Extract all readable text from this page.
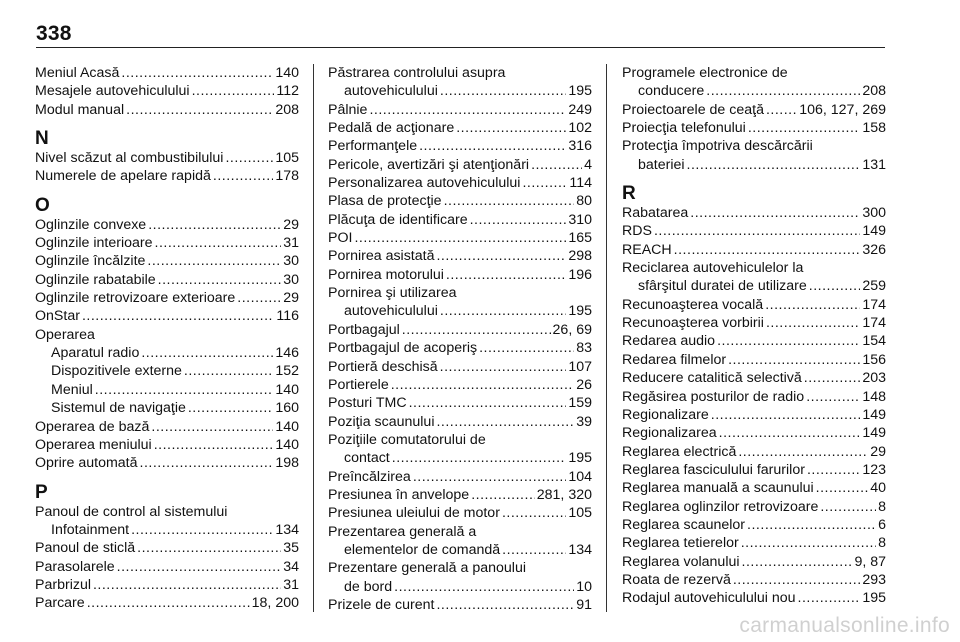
338
Meniul Acasă .....	140
Mesajele autovehiculului .....	112
Modul manual .....	208
N
Nivel scăzut al combustibilului .....	105
Numerele de apelare rapidă .....	178
O
Oglinzile convexe .....	29
Oglinzile interioare .....	31
Oglinzile încălzite .....	30
Oglinzile rabatabile .....	30
Oglinzile retrovizoare exterioare .....	29
OnStar .....	116
Operarea
Aparatul radio .....	146
Dispozitivele externe .....	152
Meniul .....	140
Sistemul de navigaţie .....	160
Operarea de bază .....	140
Operarea meniului .....	140
Oprire automată .....	198
P
Panoul de control al sistemului
Infotainment .....	134
Panoul de sticlă .....	35
Parasolarele .....	34
Parbrizul .....	31
Parcare .....	18, 200
Păstrarea controlului asupra
autovehiculului .....	195
Pâlnie .....	249
Pedală de acţionare .....	102
Performanţele .....	316
Pericole, avertizări şi atenţionări .....	4
Personalizarea autovehiculului .....	114
Plasa de protecţie .....	80
Plăcuţa de identificare .....	310
POI .....	165
Pornirea asistată .....	298
Pornirea motorului .....	196
Pornirea şi utilizarea
autovehiculului .....	195
Portbagajul .....	26, 69
Portbagajul de acoperiş .....	83
Portieră deschisă .....	107
Portierele .....	26
Posturi TMC .....	159
Poziţia scaunului .....	39
Poziţiile comutatorului de
contact .....	195
Preîncălzirea .....	104
Presiunea în anvelope .....	281, 320
Presiunea uleiului de motor .....	105
Prezentarea generală a
elementelor de comandă .....	134
Prezentare generală a panoului
de bord .....	10
Prizele de curent .....	91
Programele electronice de
conducere .....	208
Proiectoarele de ceaţă ..... 106, 127, 269
Proiecţia telefonului .....	158
Protecţia împotriva descărcării
bateriei .....	131
R
Rabatarea .....	300
RDS .....	149
REACH .....	326
Reciclarea autovehiculelor la
sfârşitul duratei de utilizare .....	259
Recunoaşterea vocală .....	174
Recunoaşterea vorbirii .....	174
Redarea audio .....	154
Redarea filmelor .....	156
Reducere catalitică selectivă .....	203
Regăsirea posturilor de radio .....	148
Regionalizare .....	149
Regionalizarea .....	149
Reglarea electrică .....	29
Reglarea fasciculului farurilor .....	123
Reglarea manuală a scaunului .....	40
Reglarea oglinzilor retrovizoare .....	8
Reglarea scaunelor .....	6
Reglarea tetierelor .....	8
Reglarea volanului .....	9, 87
Roata de rezervă .....	293
Rodajul autovehiculului nou .....	195
carmanualsonline.info
